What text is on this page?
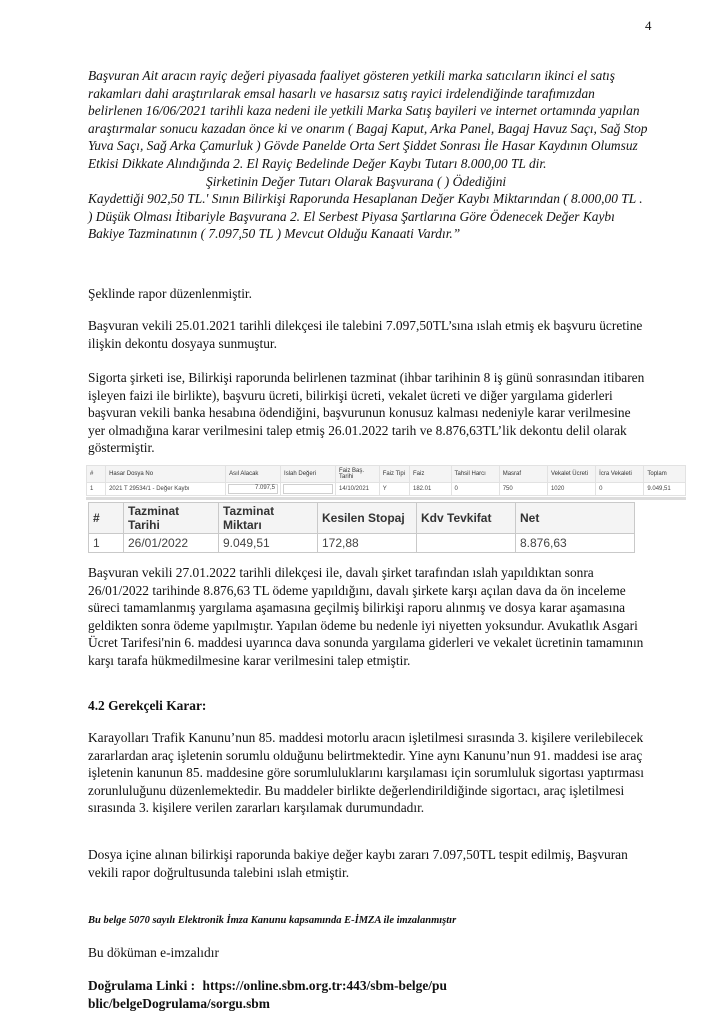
4

Başvuran Ait aracın rayiç değeri piyasada faaliyet gösteren yetkili marka satıcıların ikinci el satış rakamları dahi araştırılarak emsal hasarlı ve hasarsız satış rayici irdelendiğinde tarafımızdan belirlenen 16/06/2021 tarihli kaza nedeni ile yetkili Marka Satış bayileri ve internet ortamında yapılan araştırmalar sonucu kazadan önce ki ve onarım ( Bagaj Kaput, Arka Panel, Bagaj Havuz Saçı, Sağ Stop Yuva Saçı, Sağ Arka Çamurluk ) Gövde Panelde Orta Sert Şiddet Sonrası İle Hasar Kaydının Olumsuz Etkisi Dikkate Alındığında 2. El Rayiç Bedelinde Değer Kaybı Tutarı 8.000,00 TL dir.

Şirketinin Değer Tutarı Olarak Başvurana ( ) Ödediğini

Kaydettiği 902,50 TL.' Sının Bilirkişi Raporunda Hesaplanan Değer Kaybı Miktarından ( 8.000,00 TL . ) Düşük Olması İtibariyle Başvurana 2. El Serbest Piyasa Şartlarına Göre Ödenecek Değer Kaybı Bakiye Tazminatının ( 7.097,50 TL ) Mevcut Olduğu Kanaati Vardır.”

Şeklinde rapor düzenlenmiştir.

Başvuran vekili 25.01.2021 tarihli dilekçesi ile talebini 7.097,50TL’sına ıslah etmiş ek başvuru ücretine ilişkin dekontu dosyaya sunmuştur.

Sigorta şirketi ise, Bilirkişi raporunda belirlenen tazminat (ihbar tarihinin 8 iş günü sonrasından itibaren işleyen faizi ile birlikte), başvuru ücreti, bilirkişi ücreti, vekalet ücreti ve diğer yargılama giderleri başvuran vekili banka hesabına ödendiğini, başvurunun konusuz kalması nedeniyle karar verilmesine yer olmadığına karar verilmesini talep etmiş 26.01.2022 tarih ve 8.876,63TL’lik dekontu delil olarak göstermiştir.

#	Hasar Dosya No	Asıl Alacak	Islah Değeri	Faiz Baş. Tarihi	Faiz Tipi	Faiz	Tahsil Harcı	Masraf	Vekalet Ücreti	İcra Vekaleti	Toplam
1	2021 T 29534/1 - Değer Kaybı	7.097,5		14/10/2021	Y	182.01	0	750	1020	0	9.049,51
#	Tazminat Tarihi	Tazminat Miktarı	Kesilen Stopaj	Kdv Tevkifat	Net
1	26/01/2022	9.049,51	172,88		8.876,63

Başvuran vekili 27.01.2022 tarihli dilekçesi ile, davalı şirket tarafından ıslah yapıldıktan sonra 26/01/2022 tarihinde 8.876,63 TL ödeme yapıldığını, davalı şirkete karşı açılan dava da ön inceleme süreci tamamlanmış yargılama aşamasına geçilmiş bilirkişi raporu alınmış ve dosya karar aşamasına geldikten sonra ödeme yapılmıştır. Yapılan ödeme bu nedenle iyi niyetten yoksundur. Avukatlık Asgari Ücret Tarifesi'nin 6. maddesi uyarınca dava sonunda yargılama giderleri ve vekalet ücretinin tamamının karşı tarafa hükmedilmesine karar verilmesini talep etmiştir.

4.2 Gerekçeli Karar:

Karayolları Trafik Kanunu’nun 85. maddesi motorlu aracın işletilmesi sırasında 3. kişilere verilebilecek zararlardan araç işletenin sorumlu olduğunu belirtmektedir. Yine aynı Kanunu’nun 91. maddesi ise araç işletenin kanunun 85. maddesine göre sorumluluklarını karşılaması için sorumluluk sigortası yaptırması zorunluluğunu düzenlemektedir. Bu maddeler birlikte değerlendirildiğinde sigortacı, araç işletilmesi sırasında 3. kişilere verilen zararları karşılamak durumundadır.

Dosya içine alınan bilirkişi raporunda bakiye değer kaybı zararı 7.097,50TL tespit edilmiş, Başvuran vekili rapor doğrultusunda talebini ıslah etmiştir.

Bu belge 5070 sayılı Elektronik İmza Kanunu kapsamında E-İMZA ile imzalanmıştır

Bu döküman e-imzalıdır

Doğrulama Linki : https://online.sbm.org.tr:443/sbm-belge/public/belgeDogrulama/sorgu.sbm
